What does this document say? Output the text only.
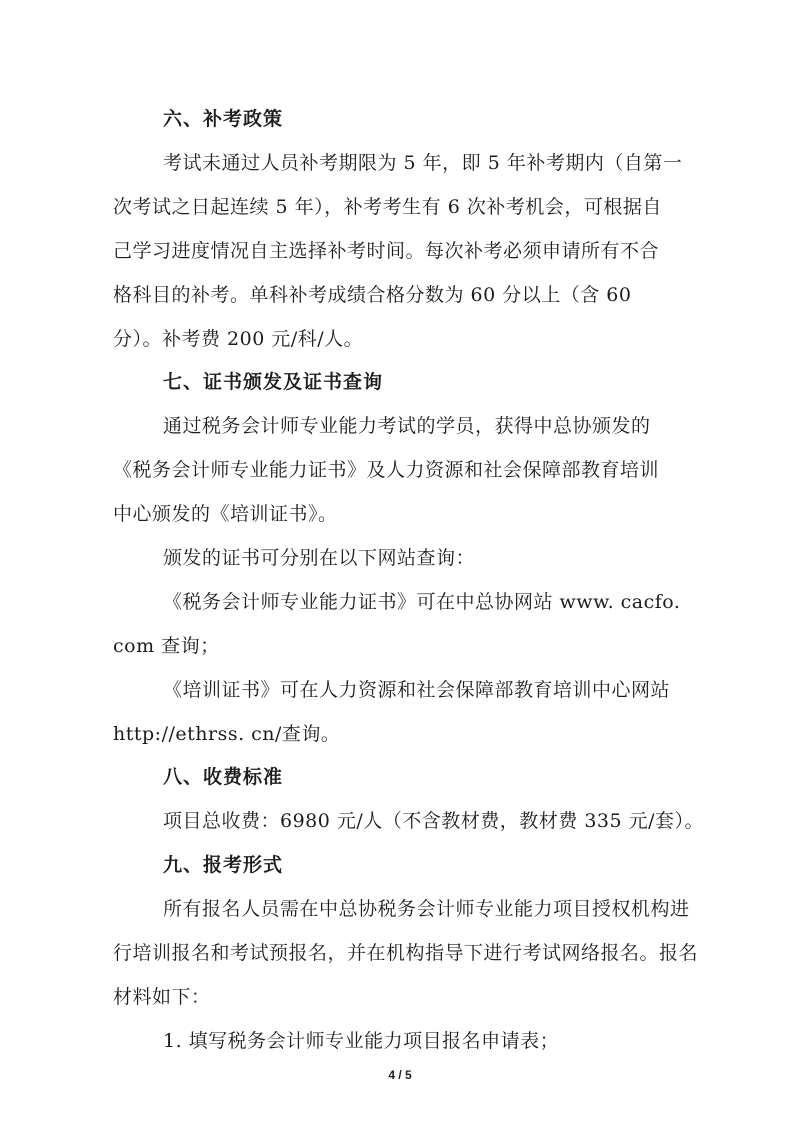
六、补考政策
考试未通过人员补考期限为 5 年，即 5 年补考期内（自第一
次考试之日起连续 5 年），补考考生有 6 次补考机会，可根据自
己学习进度情况自主选择补考时间。每次补考必须申请所有不合
格科目的补考。单科补考成绩合格分数为 60 分以上（含 60
分）。补考费 200 元/科/人。
七、证书颁发及证书查询
通过税务会计师专业能力考试的学员，获得中总协颁发的
《税务会计师专业能力证书》及人力资源和社会保障部教育培训
中心颁发的《培训证书》。
颁发的证书可分别在以下网站查询：
《税务会计师专业能力证书》可在中总协网站 www. cacfo.
com 查询；
《培训证书》可在人力资源和社会保障部教育培训中心网站
http://ethrss. cn/查询。
八、收费标准
项目总收费：6980 元/人（不含教材费，教材费 335 元/套）。
九、报考形式
所有报名人员需在中总协税务会计师专业能力项目授权机构进
行培训报名和考试预报名，并在机构指导下进行考试网络报名。报名
材料如下：
1. 填写税务会计师专业能力项目报名申请表；
4 / 5
